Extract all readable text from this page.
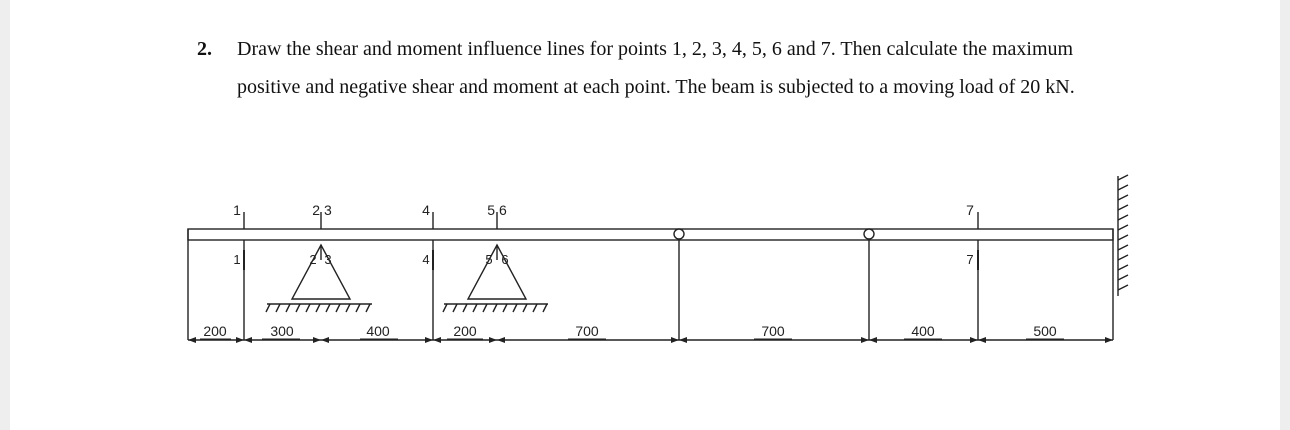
2. Draw the shear and moment influence lines for points 1, 2, 3, 4, 5, 6 and 7. Then calculate the maximum
positive and negative shear and moment at each point. The beam is subjected to a moving load of 20 kN.
1	2 3	4	5 6	7
1	2 3	4	5 6	7
200	300	400	200	700	700	400	500
